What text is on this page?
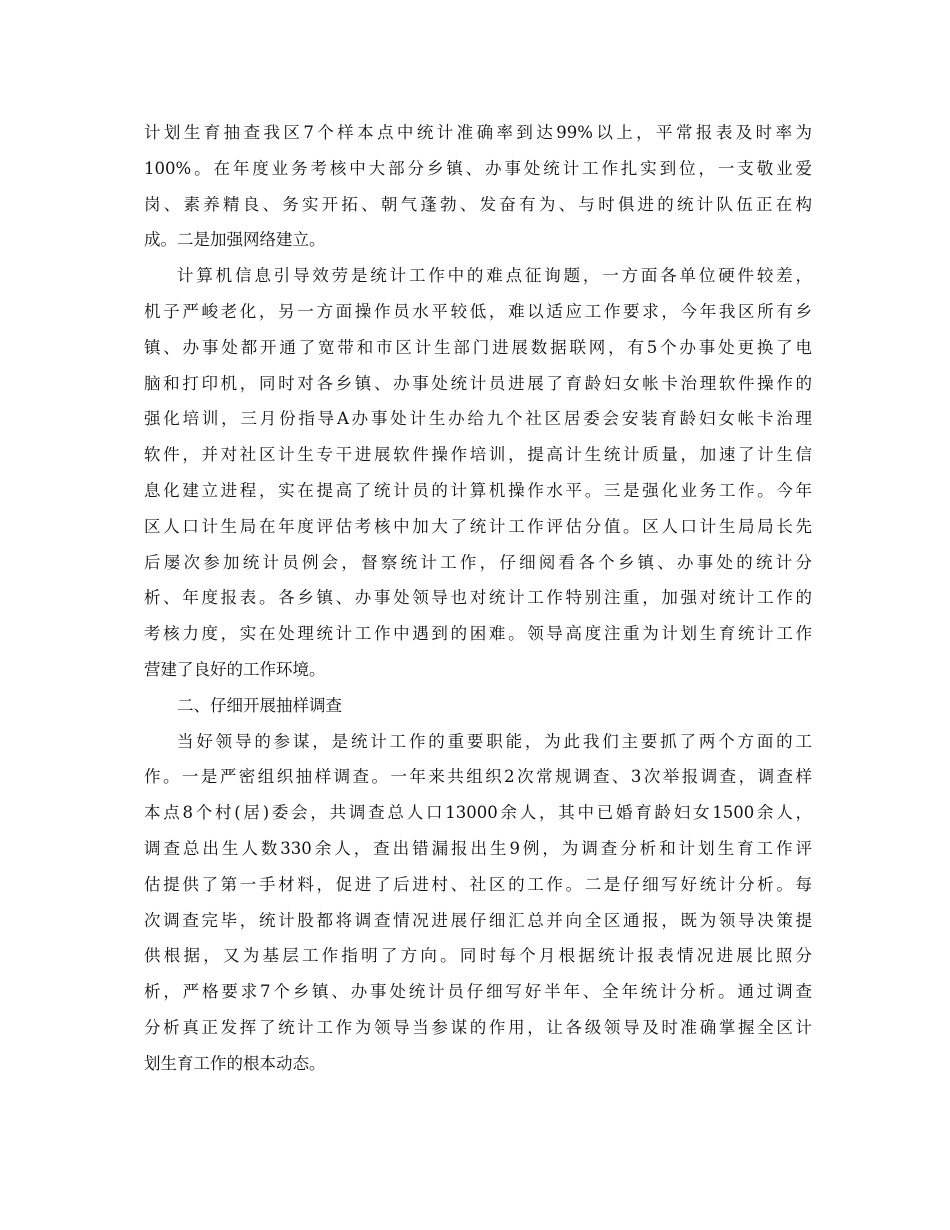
计划生育抽查我区7个样本点中统计准确率到达99%以上，平常报表及时率为
100%。在年度业务考核中大部分乡镇、办事处统计工作扎实到位，一支敬业爱
岗、素养精良、务实开拓、朝气蓬勃、发奋有为、与时俱进的统计队伍正在构
成。二是加强网络建立。
计算机信息引导效劳是统计工作中的难点征询题，一方面各单位硬件较差，
机子严峻老化，另一方面操作员水平较低，难以适应工作要求，今年我区所有乡
镇、办事处都开通了宽带和市区计生部门进展数据联网，有5个办事处更换了电
脑和打印机，同时对各乡镇、办事处统计员进展了育龄妇女帐卡治理软件操作的
强化培训，三月份指导A办事处计生办给九个社区居委会安装育龄妇女帐卡治理
软件，并对社区计生专干进展软件操作培训，提高计生统计质量，加速了计生信
息化建立进程，实在提高了统计员的计算机操作水平。三是强化业务工作。今年
区人口计生局在年度评估考核中加大了统计工作评估分值。区人口计生局局长先
后屡次参加统计员例会，督察统计工作，仔细阅看各个乡镇、办事处的统计分
析、年度报表。各乡镇、办事处领导也对统计工作特别注重，加强对统计工作的
考核力度，实在处理统计工作中遇到的困难。领导高度注重为计划生育统计工作
营建了良好的工作环境。
二、仔细开展抽样调查
当好领导的参谋，是统计工作的重要职能，为此我们主要抓了两个方面的工
作。一是严密组织抽样调查。一年来共组织2次常规调查、3次举报调查，调查样
本点8个村(居)委会，共调查总人口13000余人，其中已婚育龄妇女1500余人，
调查总出生人数330余人，查出错漏报出生9例，为调查分析和计划生育工作评
估提供了第一手材料，促进了后进村、社区的工作。二是仔细写好统计分析。每
次调查完毕，统计股都将调查情况进展仔细汇总并向全区通报，既为领导决策提
供根据，又为基层工作指明了方向。同时每个月根据统计报表情况进展比照分
析，严格要求7个乡镇、办事处统计员仔细写好半年、全年统计分析。通过调查
分析真正发挥了统计工作为领导当参谋的作用，让各级领导及时准确掌握全区计
划生育工作的根本动态。
